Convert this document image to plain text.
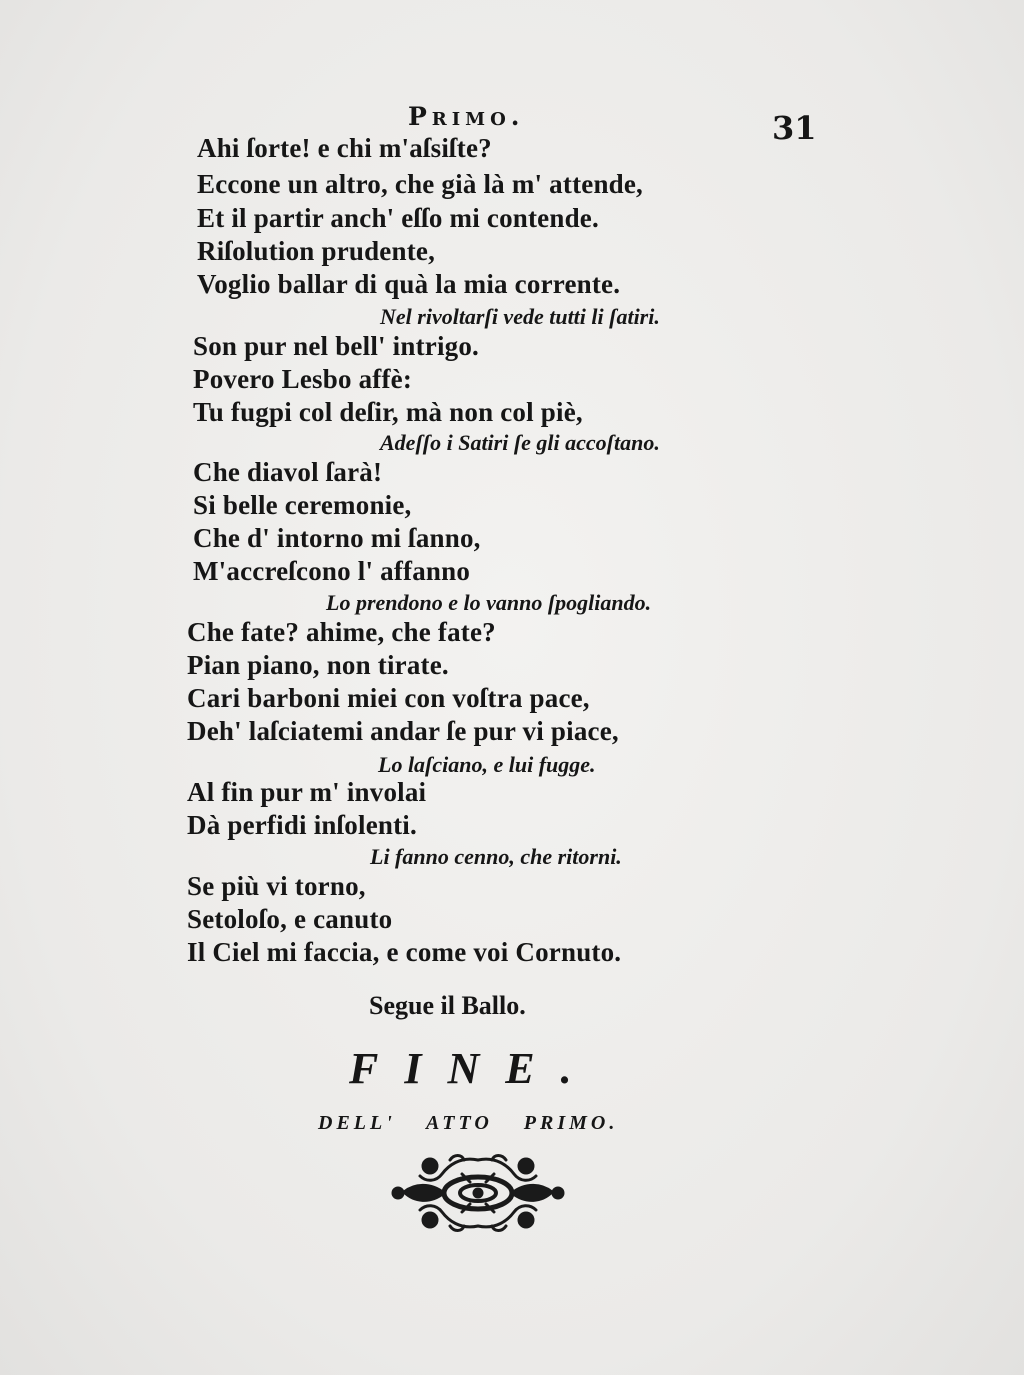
Primo.	31
Ahi ſorte! e chi m'aſsiſte?
Eccone un altro, che già là m' attende,
Et il partir anch' eſſo mi contende.
Riſolution prudente,
Voglio ballar di quà la mia corrente.
Nel rivoltarſi vede tutti li ſatiri.
Son pur nel bell' intrigo.
Povero Lesbo affè:
Tu fugpi col deſir, mà non col piè,
Adeſſo i Satiri ſe gli accoſtano.
Che diavol ſarà!
Si belle ceremonie,
Che d' intorno mi ſanno,
M'accreſcono l' affanno
Lo prendono e lo vanno ſpogliando.
Che fate? ahime, che fate?
Pian piano, non tirate.
Cari barboni miei con voſtra pace,
Deh' laſciatemi andar ſe pur vi piace,
Lo laſciano, e lui fugge.
Al fin pur m' involai
Dà perfidi inſolenti.
Li fanno cenno, che ritorni.
Se più vi torno,
Setoloſo, e canuto
Il Ciel mi faccia, e come voi Cornuto.
Segue il Ballo.
FINE.
DELL' ATTO PRIMO.
